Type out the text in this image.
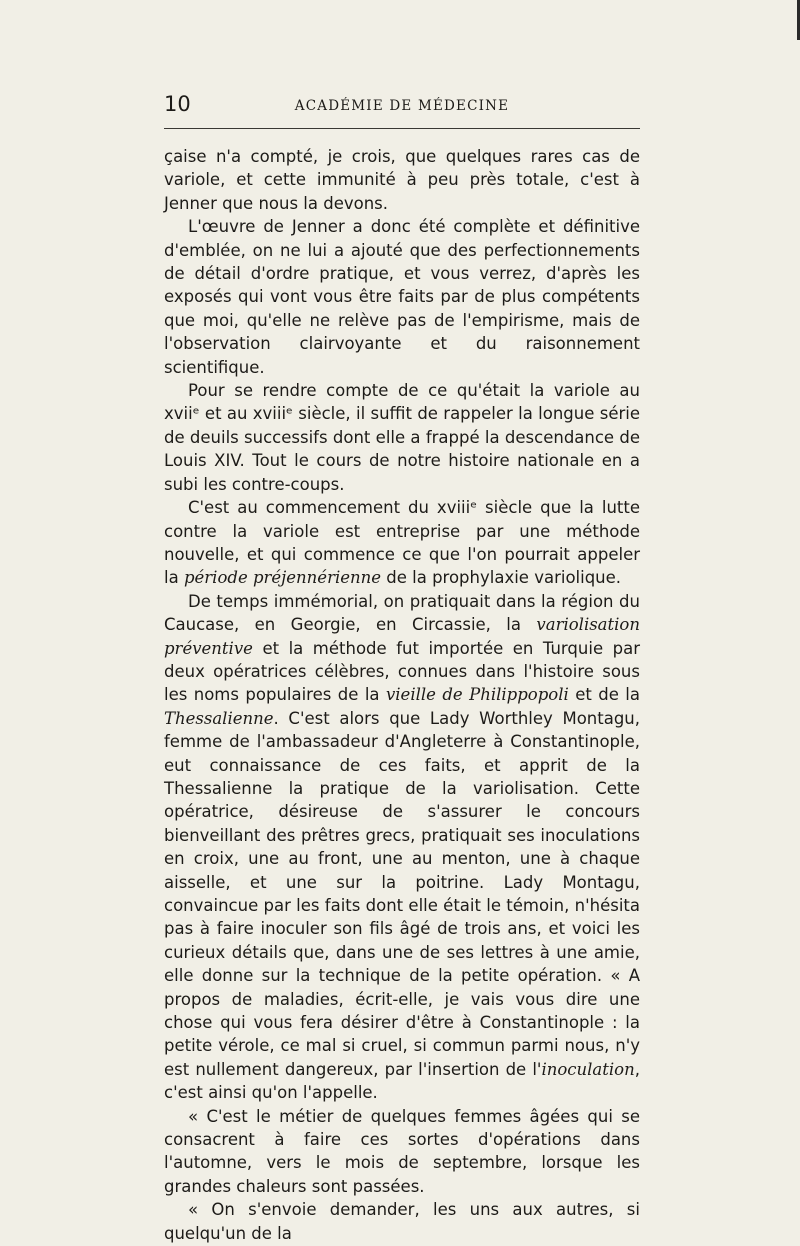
10	ACADÉMIE DE MÉDECINE

çaise n'a compté, je crois, que quelques rares cas de variole, et cette immunité à peu près totale, c'est à Jenner que nous la devons.

L'œuvre de Jenner a donc été complète et définitive d'emblée, on ne lui a ajouté que des perfectionnements de détail d'ordre pratique, et vous verrez, d'après les exposés qui vont vous être faits par de plus compétents que moi, qu'elle ne relève pas de l'empirisme, mais de l'observation clairvoyante et du raisonnement scientifique.

Pour se rendre compte de ce qu'était la variole au xviiᵉ et au xviiiᵉ siècle, il suffit de rappeler la longue série de deuils successifs dont elle a frappé la descendance de Louis XIV. Tout le cours de notre histoire nationale en a subi les contre-coups.

C'est au commencement du xviiiᵉ siècle que la lutte contre la variole est entreprise par une méthode nouvelle, et qui commence ce que l'on pourrait appeler la période préjennérienne de la prophylaxie variolique.

De temps immémorial, on pratiquait dans la région du Caucase, en Georgie, en Circassie, la variolisation préventive et la méthode fut importée en Turquie par deux opératrices célèbres, connues dans l'histoire sous les noms populaires de la vieille de Philippopoli et de la Thessalienne. C'est alors que Lady Worthley Montagu, femme de l'ambassadeur d'Angleterre à Constantinople, eut connaissance de ces faits, et apprit de la Thessalienne la pratique de la variolisation. Cette opératrice, désireuse de s'assurer le concours bienveillant des prêtres grecs, pratiquait ses inoculations en croix, une au front, une au menton, une à chaque aisselle, et une sur la poitrine. Lady Montagu, convaincue par les faits dont elle était le témoin, n'hésita pas à faire inoculer son fils âgé de trois ans, et voici les curieux détails que, dans une de ses lettres à une amie, elle donne sur la technique de la petite opération. « A propos de maladies, écrit-elle, je vais vous dire une chose qui vous fera désirer d'être à Constantinople : la petite vérole, ce mal si cruel, si commun parmi nous, n'y est nullement dangereux, par l'insertion de l'inoculation, c'est ainsi qu'on l'appelle.

« C'est le métier de quelques femmes âgées qui se consacrent à faire ces sortes d'opérations dans l'automne, vers le mois de septembre, lorsque les grandes chaleurs sont passées.

« On s'envoie demander, les uns aux autres, si quelqu'un de la
